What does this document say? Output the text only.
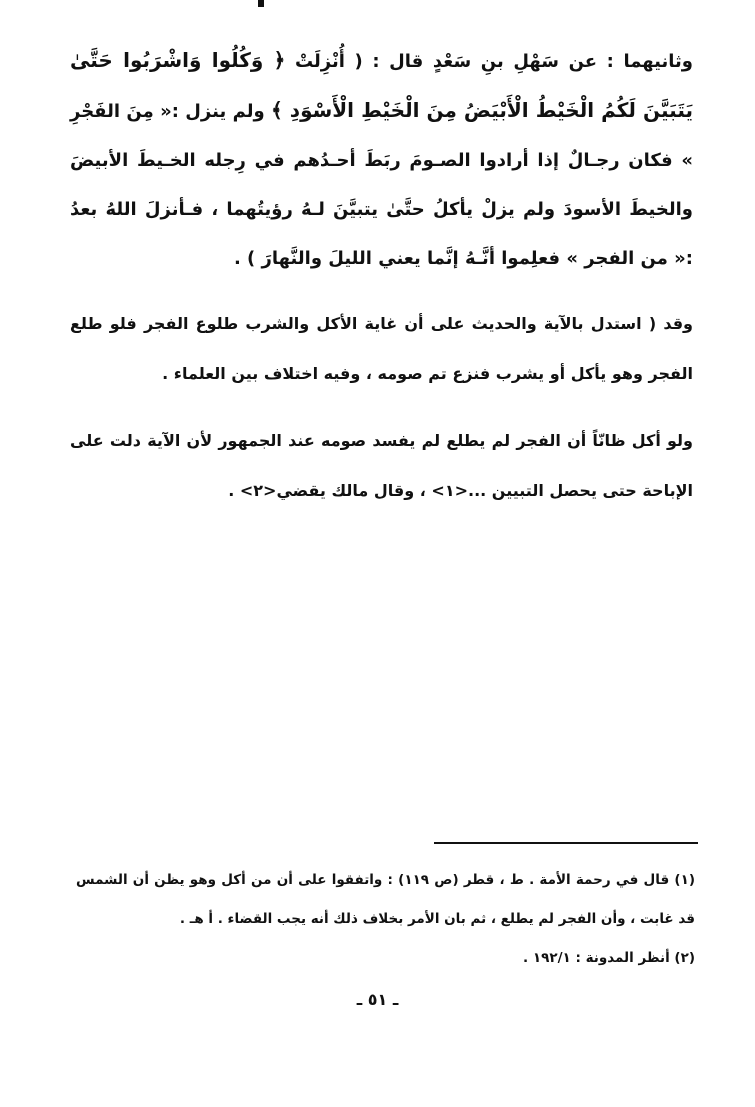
وثانيهما : عن سَهْلِ بنِ سَعْدٍ قال : ( أُنْزِلَتْ ﴿ وَكُلُوا وَاشْرَبُوا حَتَّىٰ يَتَبَيَّنَ لَكُمُ الْخَيْطُ الْأَبْيَضُ مِنَ الْخَيْطِ الْأَسْوَدِ ﴾ ولم ينزل :« مِنَ الفَجْرِ » فكان رجـالٌ إذا أرادوا الصـومَ ربَطَ أحـدُهم في رِجله الخـيطَ الأبيضَ والخيطَ الأسودَ ولم يزلْ يأكلُ حتَّىٰ يتبيَّنَ لـهُ رؤيتُهما ، فـأنزلَ اللهُ بعدُ :« من الفجر » فعلِموا أنَّـهُ إنَّما يعني الليلَ والنَّهارَ ) .

وقد ( استدل بالآية والحديث على أن غاية الأكل والشرب طلوع الفجر فلو طلع الفجر وهو يأكل أو يشرب فنزع تم صومه ، وفيه اختلاف بين العلماء .

ولو أكل ظانّاً أن الفجر لم يطلع لم يفسد صومه عند الجمهور لأن الآية دلت على الإباحة حتى يحصل التبيين ...<١> ، وقال مالك يقضي<٢> .

(١) قال في رحمة الأمة . ط ، قطر (ص ١١٩) : واتفقوا على أن من أكل وهو يظن أن الشمس قد غابت ، وأن الفجر لم يطلع ، ثم بان الأمر بخلاف ذلك أنه يجب القضاء . أ هـ .

(٢) أنظر المدونة : ١٩٢/١ .

ـ ٥١ ـ
